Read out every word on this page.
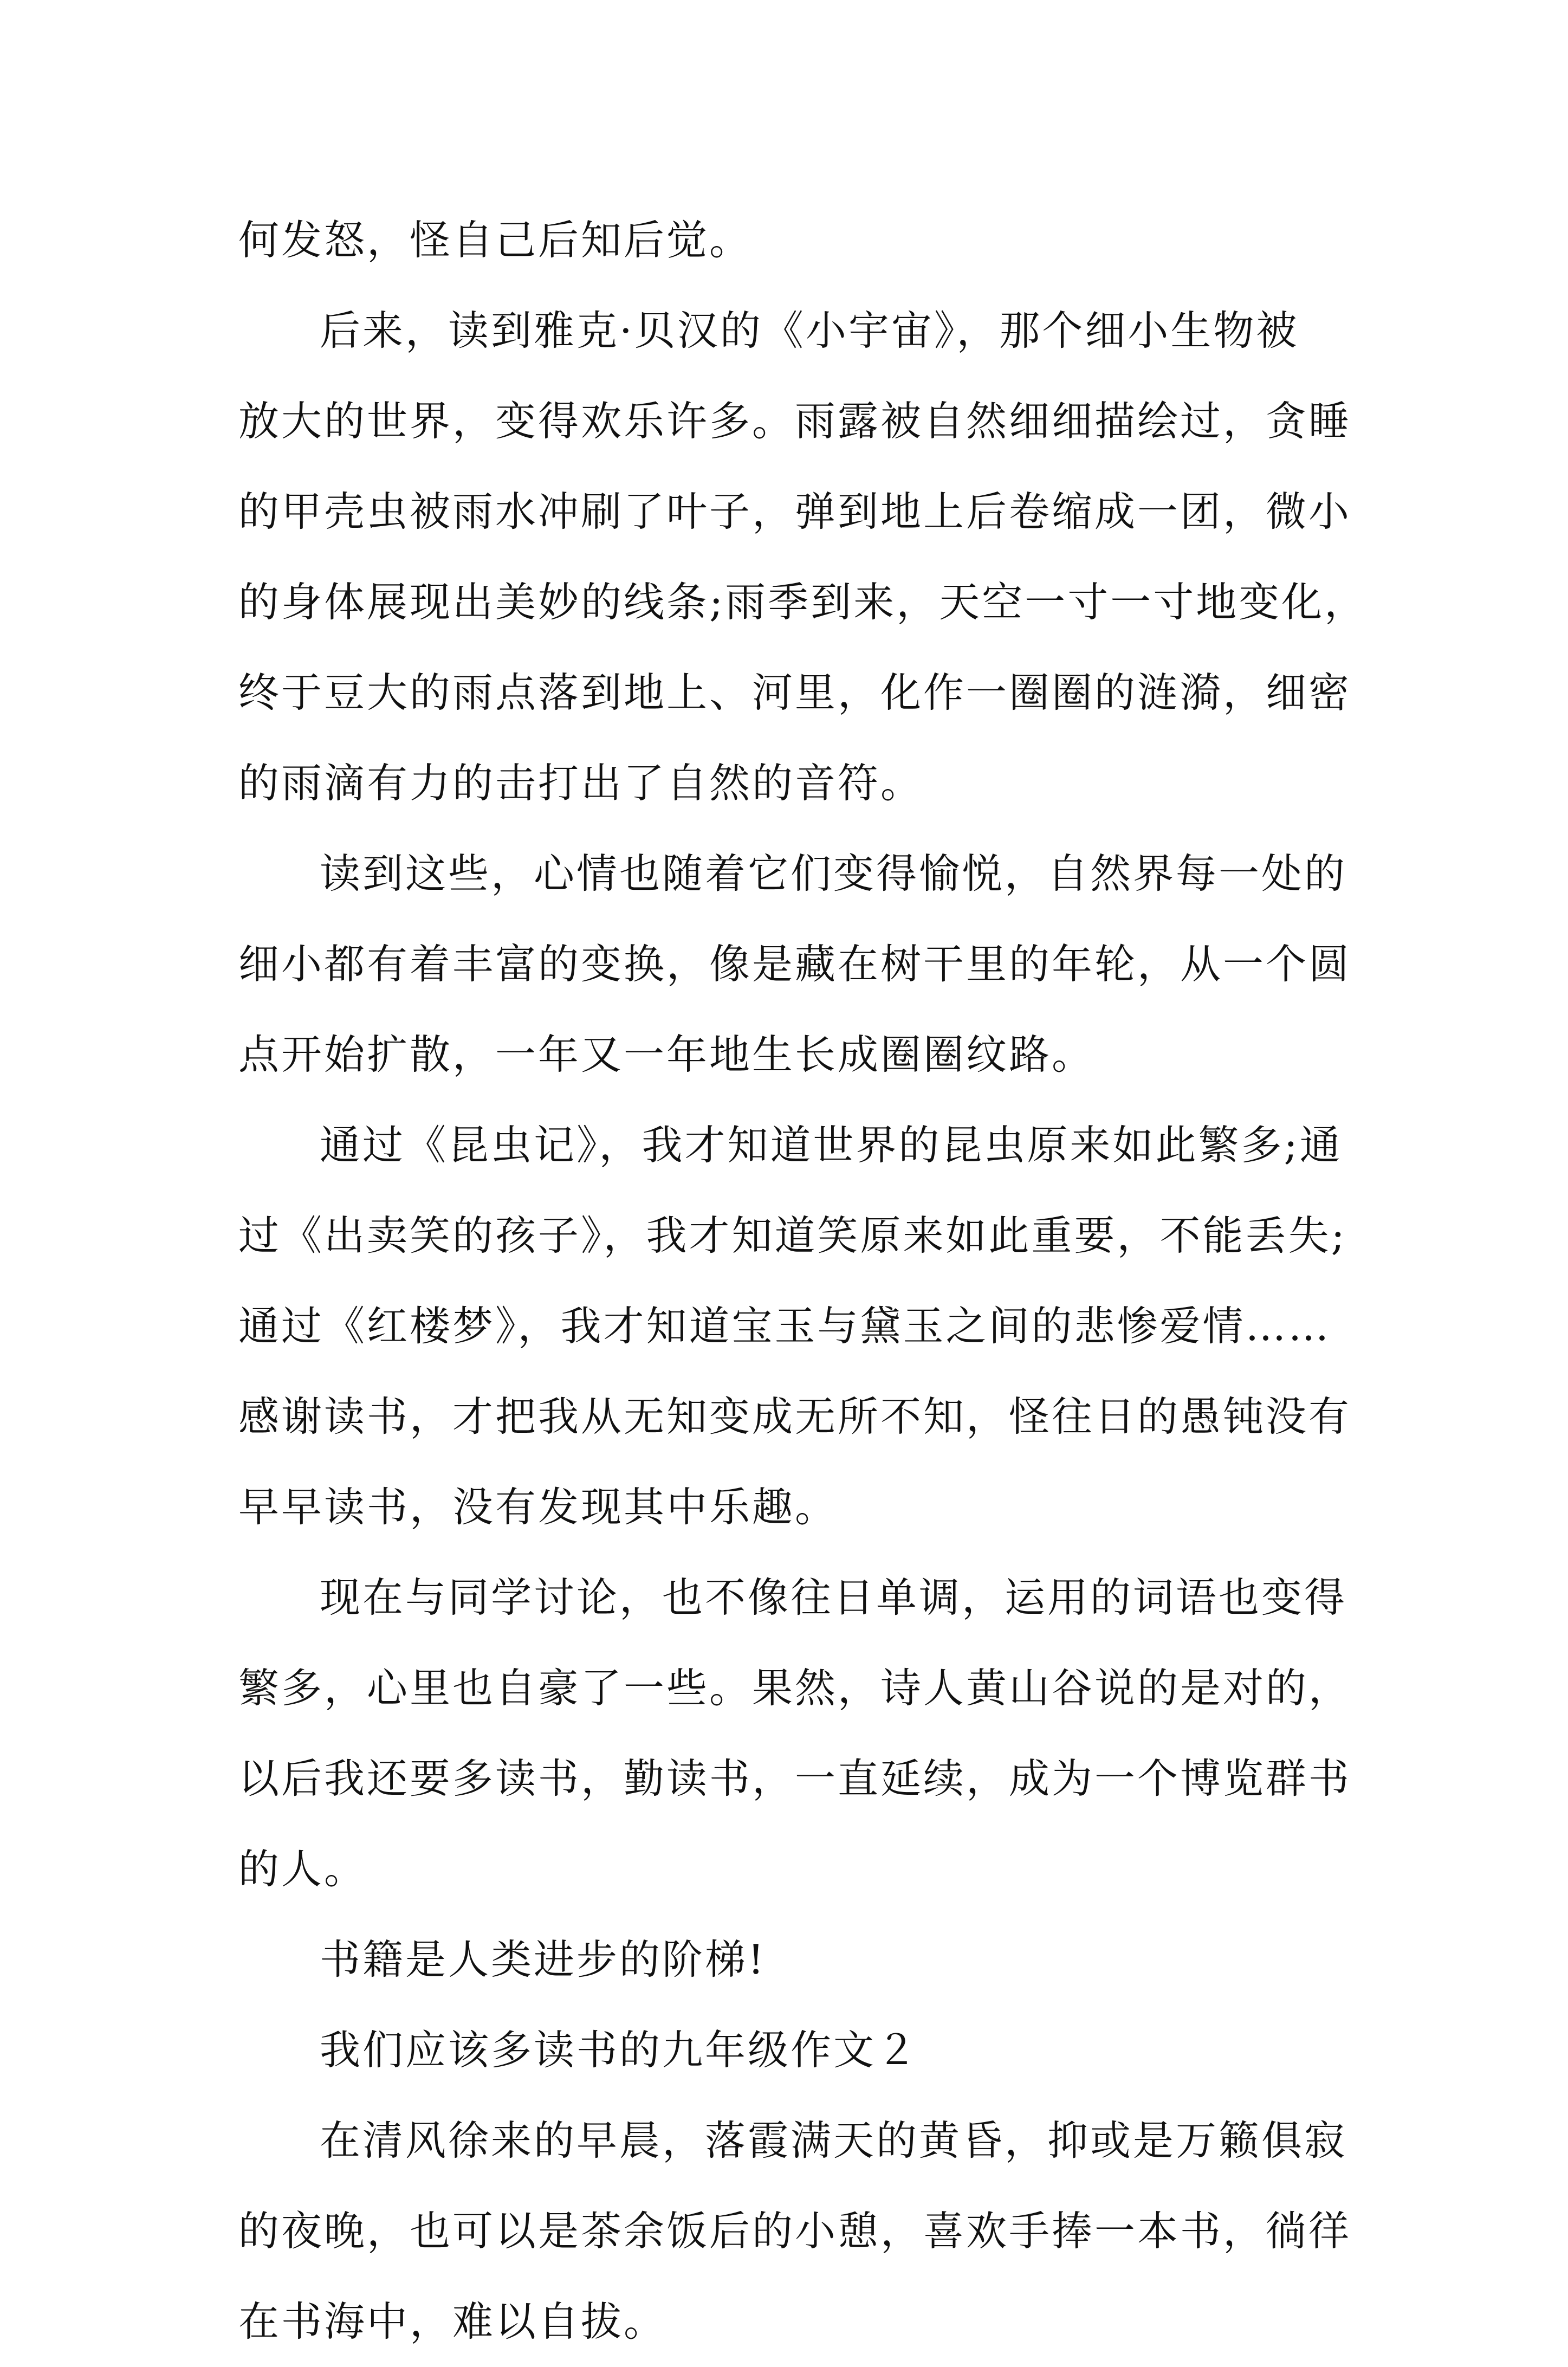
何发怒，怪自己后知后觉。
后来，读到雅克·贝汉的《小宇宙》，那个细小生物被
放大的世界，变得欢乐许多。雨露被自然细细描绘过，贪睡
的甲壳虫被雨水冲刷了叶子，弹到地上后卷缩成一团，微小
的身体展现出美妙的线条;雨季到来，天空一寸一寸地变化，
终于豆大的雨点落到地上、河里，化作一圈圈的涟漪，细密
的雨滴有力的击打出了自然的音符。
读到这些，心情也随着它们变得愉悦，自然界每一处的
细小都有着丰富的变换，像是藏在树干里的年轮，从一个圆
点开始扩散，一年又一年地生长成圈圈纹路。
通过《昆虫记》，我才知道世界的昆虫原来如此繁多;通
过《出卖笑的孩子》，我才知道笑原来如此重要，不能丢失;
通过《红楼梦》，我才知道宝玉与黛玉之间的悲惨爱情……
感谢读书，才把我从无知变成无所不知，怪往日的愚钝没有
早早读书，没有发现其中乐趣。
现在与同学讨论，也不像往日单调，运用的词语也变得
繁多，心里也自豪了一些。果然，诗人黄山谷说的是对的，
以后我还要多读书，勤读书，一直延续，成为一个博览群书
的人。
书籍是人类进步的阶梯!
我们应该多读书的九年级作文２
在清风徐来的早晨，落霞满天的黄昏，抑或是万籁俱寂
的夜晚，也可以是茶余饭后的小憩，喜欢手捧一本书，徜徉
在书海中，难以自拔。
